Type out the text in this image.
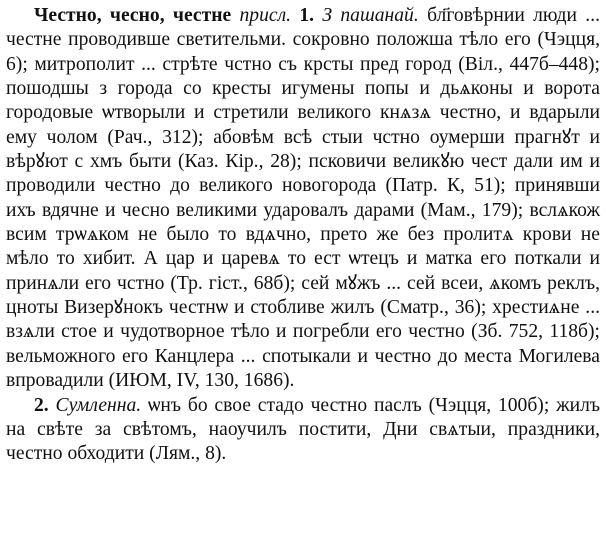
Честно, чесно, честне присл. 1. З пашанай. бл҃говѣрнии люди ... честне проводивше светительми. сокровно положша тѣло его (Чэцця, 6); митрополит ... стрѣте чстно съ крсты пред город (Віл., 447б–448); пошодшы з города со кресты игумены попы и дьѧконы и ворота городовые ѡтворыли и стретили великого кнѧзѧ честно, и вдарыли ему чолом (Рач., 312); абовѣм всѣ стыи чстно оумерши прагнꙋт и вѣрꙋют с хмъ быти (Каз. Кір., 28); псковичи великꙋю чест дали им и проводили честно до великого новогорода (Патр. К, 51); принявши ихъ вдячне и чесно великими ударовалъ дарами (Мам., 179); вслѧкож всим трѡѧком не было то вдѧчно, прето же без пролитѧ крови не мѣло то хибит. А цар и царевѧ то ест ѡтецъ и матка его поткали и принѧли его чстно (Тр. гіст., 68б); сей мꙋжъ ... сей всеи, ѧкомъ реклъ, цноты Визерꙋнокъ честнѡ и стобливе жилъ (Сматр., 36); хрестиѧне ... взѧли стое и чудотворное тѣло и погребли его честно (Зб. 752, 118б); вельможного его Канцлера ... спотыкали и честно до места Могилева впровадили (ИЮМ, IV, 130, 1686).

2. Сумленна. ѡнъ бо свое стадо честно паслъ (Чэцця, 100б); жилъ на свѣте за свѣтомъ, наоучилъ постити, Дни свѧтыи, праздники, честно обходити (Лям., 8).
